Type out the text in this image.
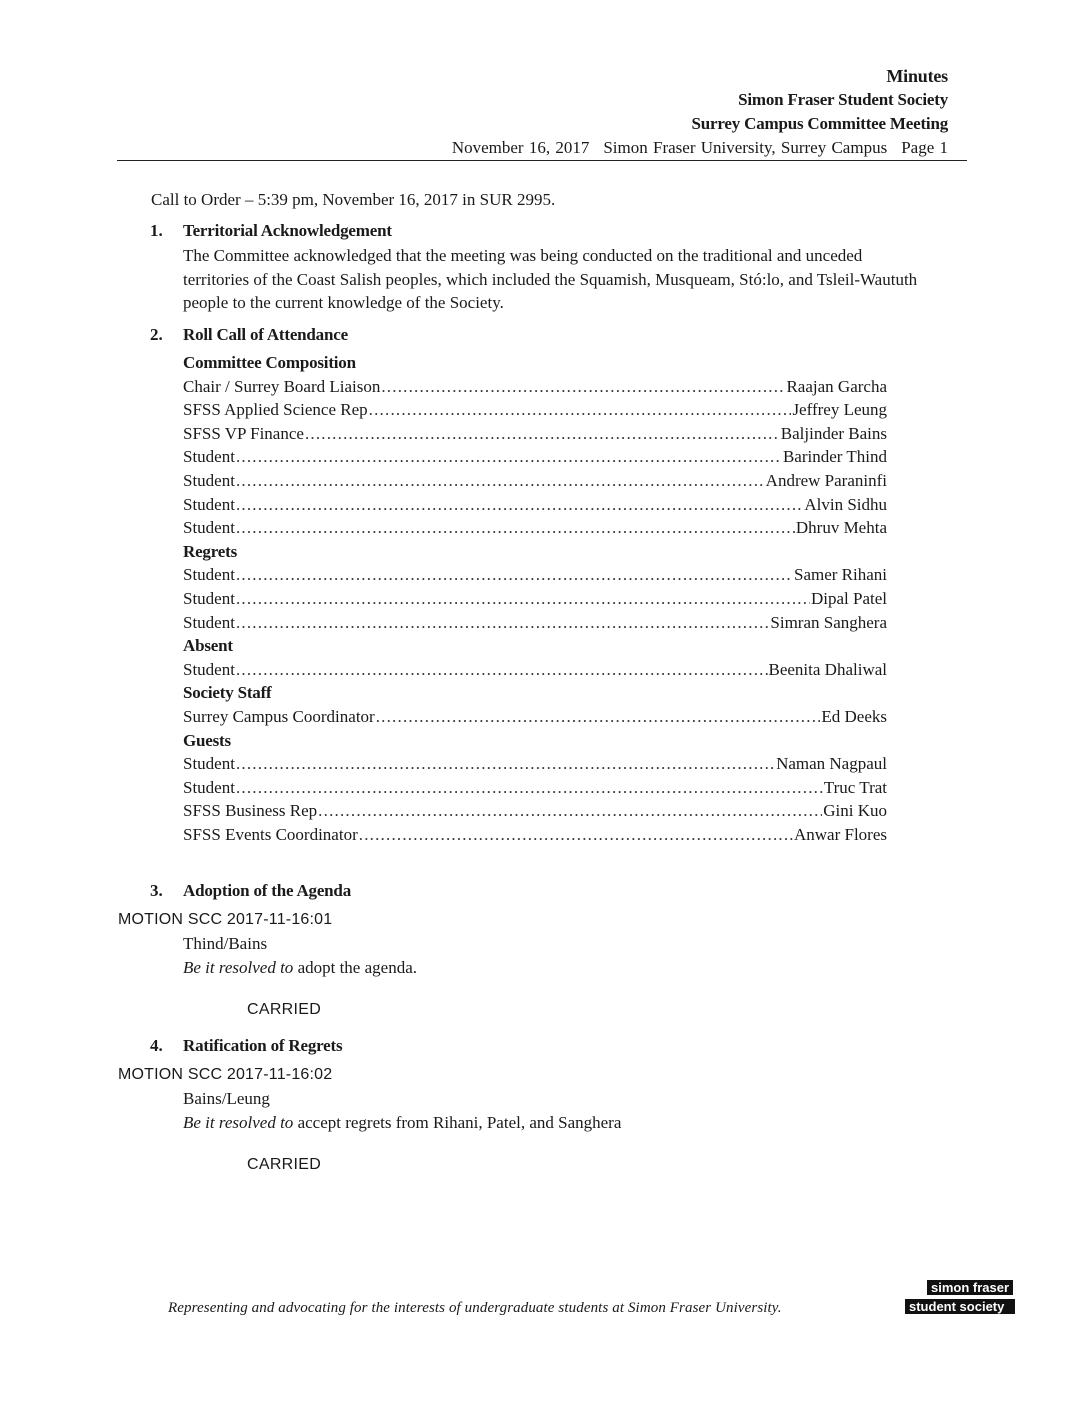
Minutes
Simon Fraser Student Society
Surrey Campus Committee Meeting
November 16, 2017 Simon Fraser University, Surrey Campus Page 1
Call to Order – 5:39 pm, November 16, 2017 in SUR 2995.
1. Territorial Acknowledgement
The Committee acknowledged that the meeting was being conducted on the traditional and unceded territories of the Coast Salish peoples, which included the Squamish, Musqueam, Stó:lo, and Tsleil-Waututh people to the current knowledge of the Society.
2. Roll Call of Attendance
Committee Composition
Chair / Surrey Board Liaison .....	Raajan Garcha
SFSS Applied Science Rep .....	Jeffrey Leung
SFSS VP Finance .....	Baljinder Bains
Student .....	Barinder Thind
Student .....	Andrew Paraninfi
Student .....	Alvin Sidhu
Student .....	Dhruv Mehta
Regrets
Student .....	Samer Rihani
Student .....	Dipal Patel
Student .....	Simran Sanghera
Absent
Student .....	Beenita Dhaliwal
Society Staff
Surrey Campus Coordinator .....	Ed Deeks
Guests
Student .....	Naman Nagpaul
Student .....	Truc Trat
SFSS Business Rep .....	Gini Kuo
SFSS Events Coordinator .....	Anwar Flores
3. Adoption of the Agenda
MOTION SCC 2017-11-16:01
Thind/Bains
Be it resolved to adopt the agenda.
CARRIED
4. Ratification of Regrets
MOTION SCC 2017-11-16:02
Bains/Leung
Be it resolved to accept regrets from Rihani, Patel, and Sanghera
CARRIED
Representing and advocating for the interests of undergraduate students at Simon Fraser University.
simon fraser
student society
